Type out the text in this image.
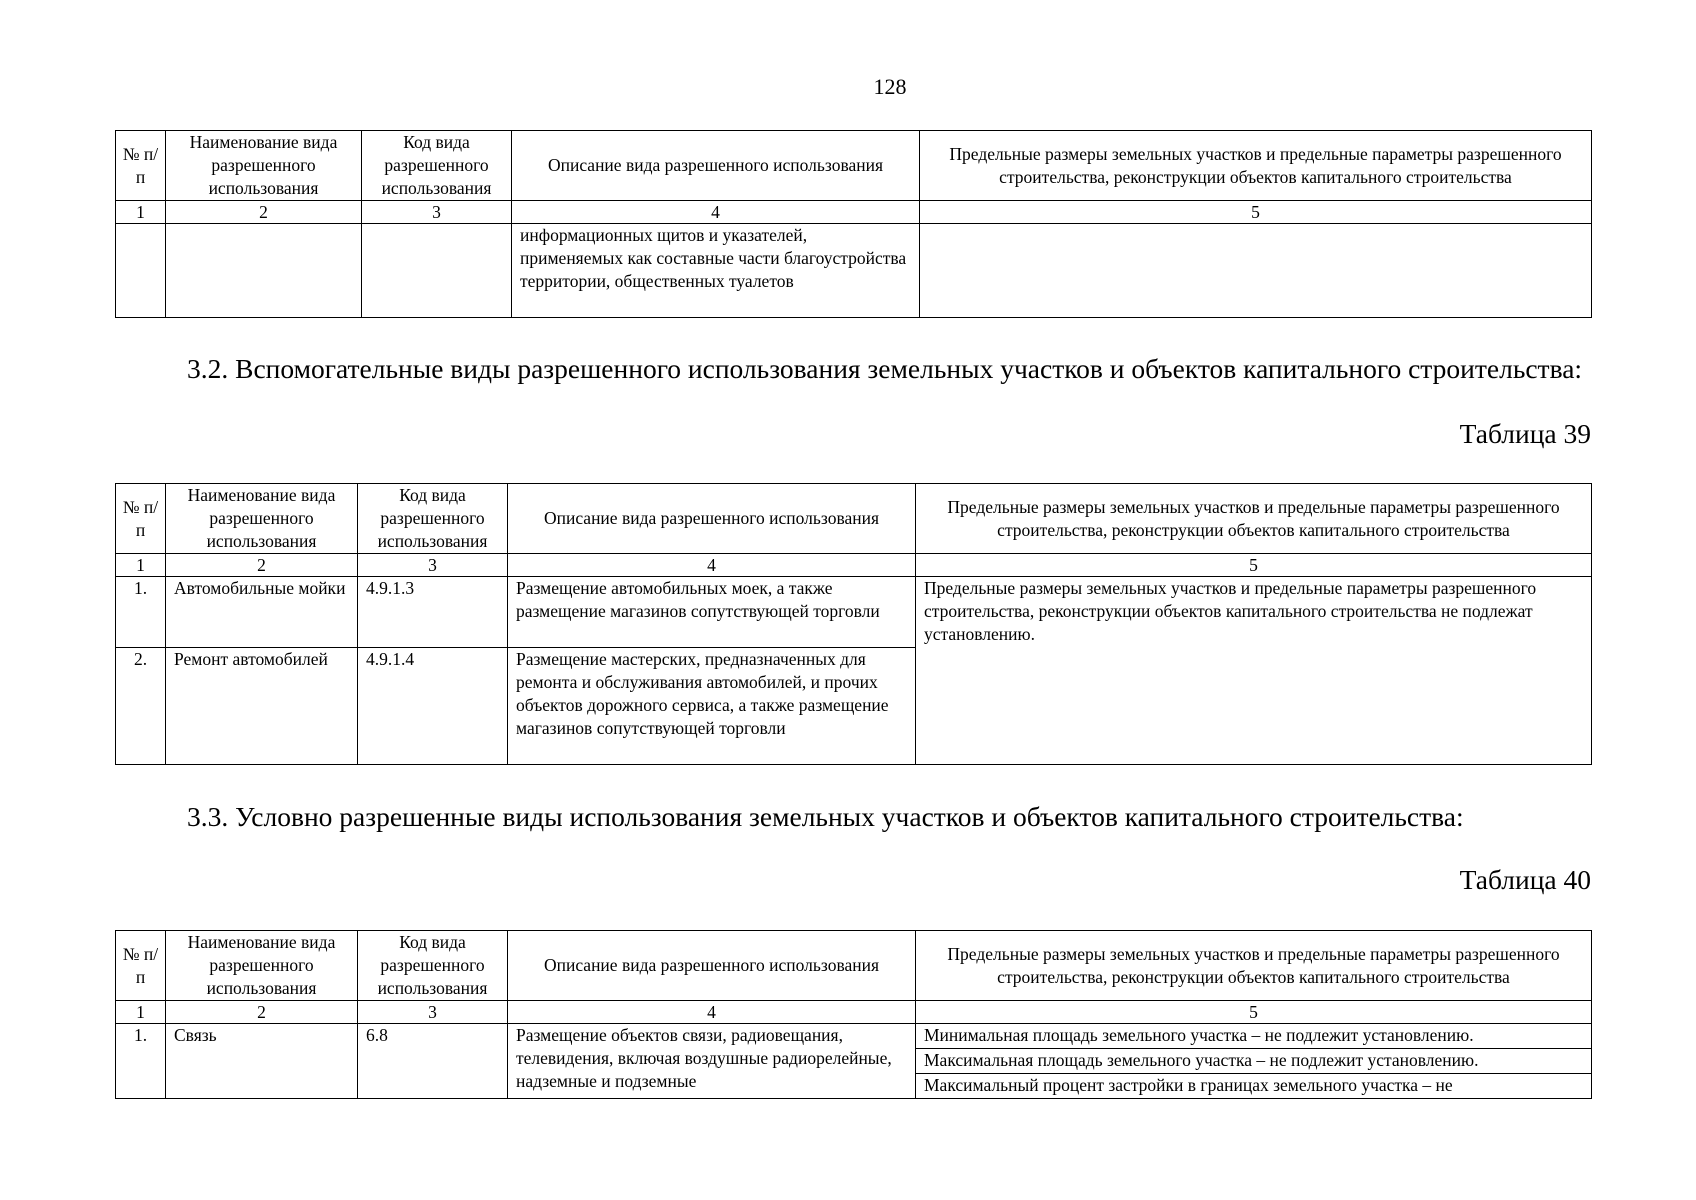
128
№ п/п	Наименование вида разрешенного использования	Код вида разрешенного использования	Описание вида разрешенного использования	Предельные размеры земельных участков и предельные параметры разрешенного строительства, реконструкции объектов капитального строительства
1	2	3	4	5
			информационных щитов и указателей, применяемых как составные части благоустройства территории, общественных туалетов	
3.2. Вспомогательные виды разрешенного использования земельных участков и объектов капитального строительства:
Таблица 39
№ п/п	Наименование вида разрешенного использования	Код вида разрешенного использования	Описание вида разрешенного использования	Предельные размеры земельных участков и предельные параметры разрешенного строительства, реконструкции объектов капитального строительства
1	2	3	4	5
1.	Автомобильные мойки	4.9.1.3	Размещение автомобильных моек, а также размещение магазинов сопутствующей торговли	Предельные размеры земельных участков и предельные параметры разрешенного строительства, реконструкции объектов капитального строительства не подлежат установлению.
2.	Ремонт автомобилей	4.9.1.4	Размещение мастерских, предназначенных для ремонта и обслуживания автомобилей, и прочих объектов дорожного сервиса, а также размещение магазинов сопутствующей торговли	
3.3. Условно разрешенные виды использования земельных участков и объектов капитального строительства:
Таблица 40
№ п/п	Наименование вида разрешенного использования	Код вида разрешенного использования	Описание вида разрешенного использования	Предельные размеры земельных участков и предельные параметры разрешенного строительства, реконструкции объектов капитального строительства
1	2	3	4	5
1.	Связь	6.8	Размещение объектов связи, радиовещания, телевидения, включая воздушные радиорелейные, надземные и подземные	Минимальная площадь земельного участка – не подлежит установлению.
Максимальная площадь земельного участка – не подлежит установлению.
Максимальный процент застройки в границах земельного участка – не
